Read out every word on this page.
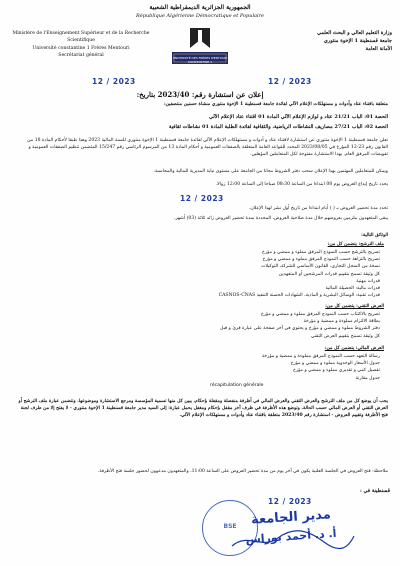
الجمهورية الجزائرية الديمقراطية الشعبية
République Algérienne Démocratique et Populaire
Ministère de l'Enseignement Supérieur et de la Recherche Scientifique
Université constantine 1 Frères Mentouri
Secrétariat général	UNIVERSITÉ DES FRÈRES MENTOURI CONSTANTINE 1
وزارة التعليم العالي و البحث العلمي
جامعة قسنطينة 1 الإخوة منتوري
الأمانة العامة
12 / 2023	12 / 2023
إعلان عن استشارة رقم: 2023/40 بتاريخ:
متعلقة باقتناء عتاد وأدوات و مستهلكات الإعلام الآلي لفائدة جامعة قسنطينة 1 الإخوة منتوري منشاة حسنين منتصفين:
الحصة 01: الباب 21/21 عتاد و لوازم الإعلام الآلي المادة 01 اقتناء عتاد الإعلام الآلي
الحصة 02: الباب 27/21 مصاريف النشاطات الرياضية، والثقافية لفائدة الطلبة المادة 01 نشاطات ثقافية
تعلن جامعة قسنطينة 1 الإخوة منتوري عن استشارة لاقتناء عتاد و أدوات و مستهلكات الإعلام الآلي لفائدة جامعة قسنطينة 1 الإخوة منتوري للسنة المالية 2023 وهذا طبقا لأحكام المادة 18 من القانون رقم 23-12 المؤرخ في 2023/08/05 المحدد للقواعد العامة المتعلقة بالصفقات العمومية و أحكام المادة 13 من المرسوم الرئاسي رقم 15/247 المتضمن تنظيم الصفقات العمومية و تفويضات المرفق العام. بهذا الاستشارة مفتوحة لكل المتعاملين المؤهلين.
ويمكن للمتعاملين المهتمين بهذا الإعلان سحب دفتر الشروط مجانا من الجامعة على مستوى نيابة المديرية للمالية والمحاسبة.
يحدد تاريخ إيداع العروض يوم 08 ابتداءا من الساعة 08:30 صباحا إلى الساعة 12:00 زوالا.
12 / 2023
تحدد مدة تحضير العروض بـ ( ) أيام ابتداءا من تاريخ أول نشر لهذا الإعلان.
يبقى المتعهدون ملزمين بعروضهم خلال مدة صلاحية العروض، المحددة بمدة تحضير العروض زائد ثلاثة (03) أشهر.
الوثائق التالية:
ملف الترشح: يتضمن كل من:
تصريح بالترشح حسب النموذج المرفق مملوء و ممضي و مؤرخ
تصريح بالنزاهة حسب النموذج المرفق مملوء و ممضي و مؤرخ
نسخة من السجل التجاري، القانون الأساسي للشركة، التوكيلات
كل وثيقة تسمح بتقييم قدرات المرشحين أو المتعهدين
قدرات مهنية
قدرات مالية: الحصيلة المالية
قدرات تقنية: الوسائل البشرية و المادية، الشهادات الحسنة التنفيذ CASNOS-CNAS
العرض التقني: يتضمن كل من:
تصريح بالاكتتاب حسب النموذج المرفق مملوء و ممضي و مؤرخ
بطاقة الالتزام مملوءة و ممضية و مؤرخة
دفتر الشروط مملوء و ممضي و مؤرخ و يحتوي في آخر صفحة على عبارة قرئ و قبل
كل وثيقة تسمح بتقييم العرض التقني
العرض المالي: يتضمن كل من:
رسالة التعهد حسب النموذج المرفق مملوءة و ممضية و مؤرخة
جدول الأسعار الوحدوية مملوء و ممضي و مؤرخ
تفصيل كمي و تقديري مملوء و ممضي و مؤرخ
جدول مقارنة
récapitulation générale
يجب أن يوضع كل من ملف الترشح والعرض التقني والعرض المالي في أظرفة منفصلة ومقفلة بإحكام، يبين كل منها تسمية المؤسسة ومرجع الاستشارة وموضوعها، وتتضمن عبارة ملف الترشح أو العرض التقني أو العرض المالي حسب الحالة. وتوضع هذه الأظرفة في ظرف آخر مقفل بإحكام ومغفل يحمل عبارة: إلى السيد مدير جامعة قسنطينة 1 الإخوة منتوري - لا يفتح إلا من طرف لجنة فتح الأظرفة وتقييم العروض - استشارة رقم 2023/40 متعلقة باقتناء عتاد وأدوات و مستهلكات الإعلام الآلي.
ملاحظة: فتح العروض في الجلسة العلنية يكون في آخر يوم من مدة تحضير العروض على الساعة 11:00، والمتعهدون مدعوون لحضور جلسة فتح الأظرفة.
قسنطينة في :
12 / 2023
BSE	مدير الجامعة
أ. د. أحمد بوراس
